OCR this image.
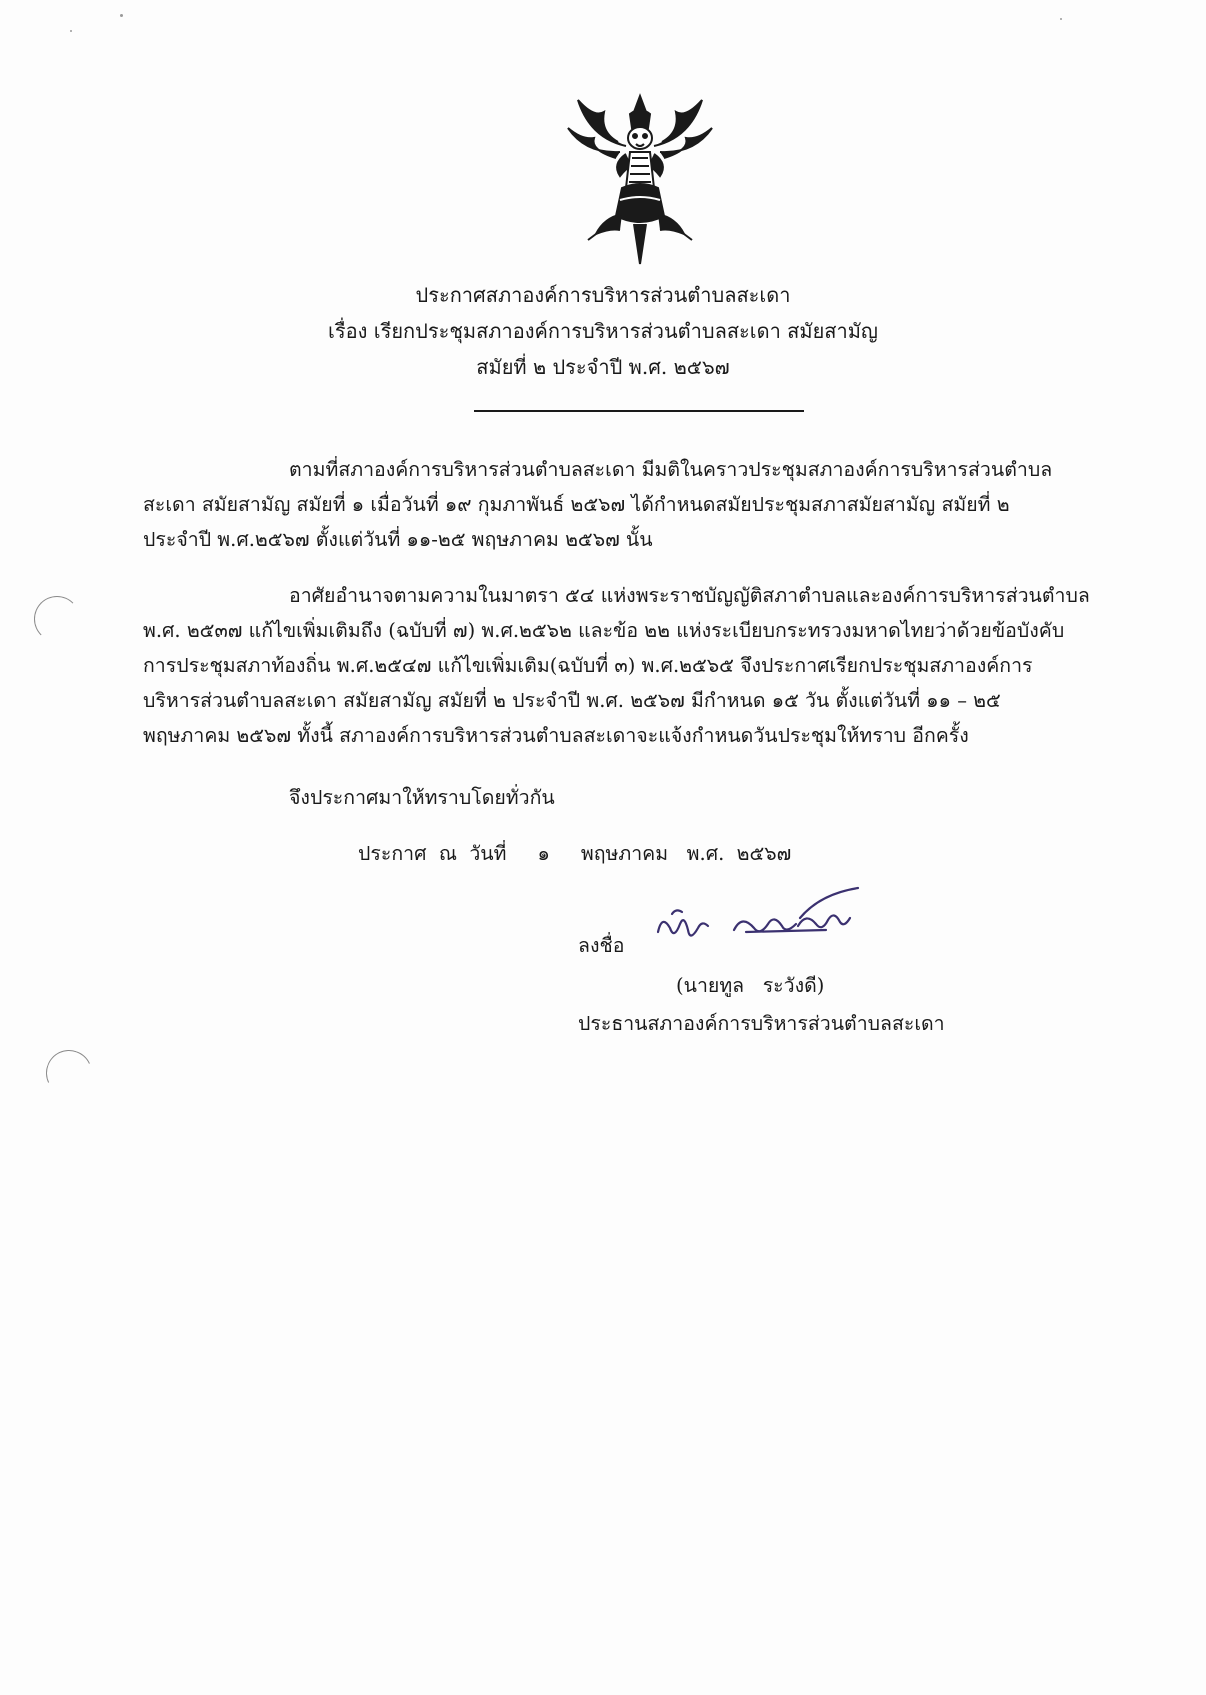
ประกาศสภาองค์การบริหารส่วนตำบลสะเดา
เรื่อง เรียกประชุมสภาองค์การบริหารส่วนตำบลสะเดา สมัยสามัญ
สมัยที่ ๒ ประจำปี พ.ศ. ๒๕๖๗
ตามที่สภาองค์การบริหารส่วนตำบลสะเดา มีมติในคราวประชุมสภาองค์การบริหารส่วนตำบล
สะเดา สมัยสามัญ สมัยที่ ๑ เมื่อวันที่ ๑๙ กุมภาพันธ์ ๒๕๖๗ ได้กำหนดสมัยประชุมสภาสมัยสามัญ สมัยที่ ๒
ประจำปี พ.ศ.๒๕๖๗ ตั้งแต่วันที่ ๑๑-๒๕ พฤษภาคม ๒๕๖๗ นั้น
อาศัยอำนาจตามความในมาตรา ๕๔ แห่งพระราชบัญญัติสภาตำบลและองค์การบริหารส่วนตำบล
พ.ศ. ๒๕๓๗ แก้ไขเพิ่มเติมถึง (ฉบับที่ ๗) พ.ศ.๒๕๖๒ และข้อ ๒๒ แห่งระเบียบกระทรวงมหาดไทยว่าด้วยข้อบังคับ
การประชุมสภาท้องถิ่น พ.ศ.๒๕๔๗ แก้ไขเพิ่มเติม(ฉบับที่ ๓) พ.ศ.๒๕๖๕ จึงประกาศเรียกประชุมสภาองค์การ
บริหารส่วนตำบลสะเดา สมัยสามัญ สมัยที่ ๒ ประจำปี พ.ศ. ๒๕๖๗ มีกำหนด ๑๕ วัน ตั้งแต่วันที่ ๑๑ – ๒๕
พฤษภาคม ๒๕๖๗ ทั้งนี้ สภาองค์การบริหารส่วนตำบลสะเดาจะแจ้งกำหนดวันประชุมให้ทราบ อีกครั้ง
จึงประกาศมาให้ทราบโดยทั่วกัน
ประกาศ  ณ  วันที่     ๑     พฤษภาคม   พ.ศ.  ๒๕๖๗
ลงชื่อ
(นายทูล   ระวังดี)
ประธานสภาองค์การบริหารส่วนตำบลสะเดา
